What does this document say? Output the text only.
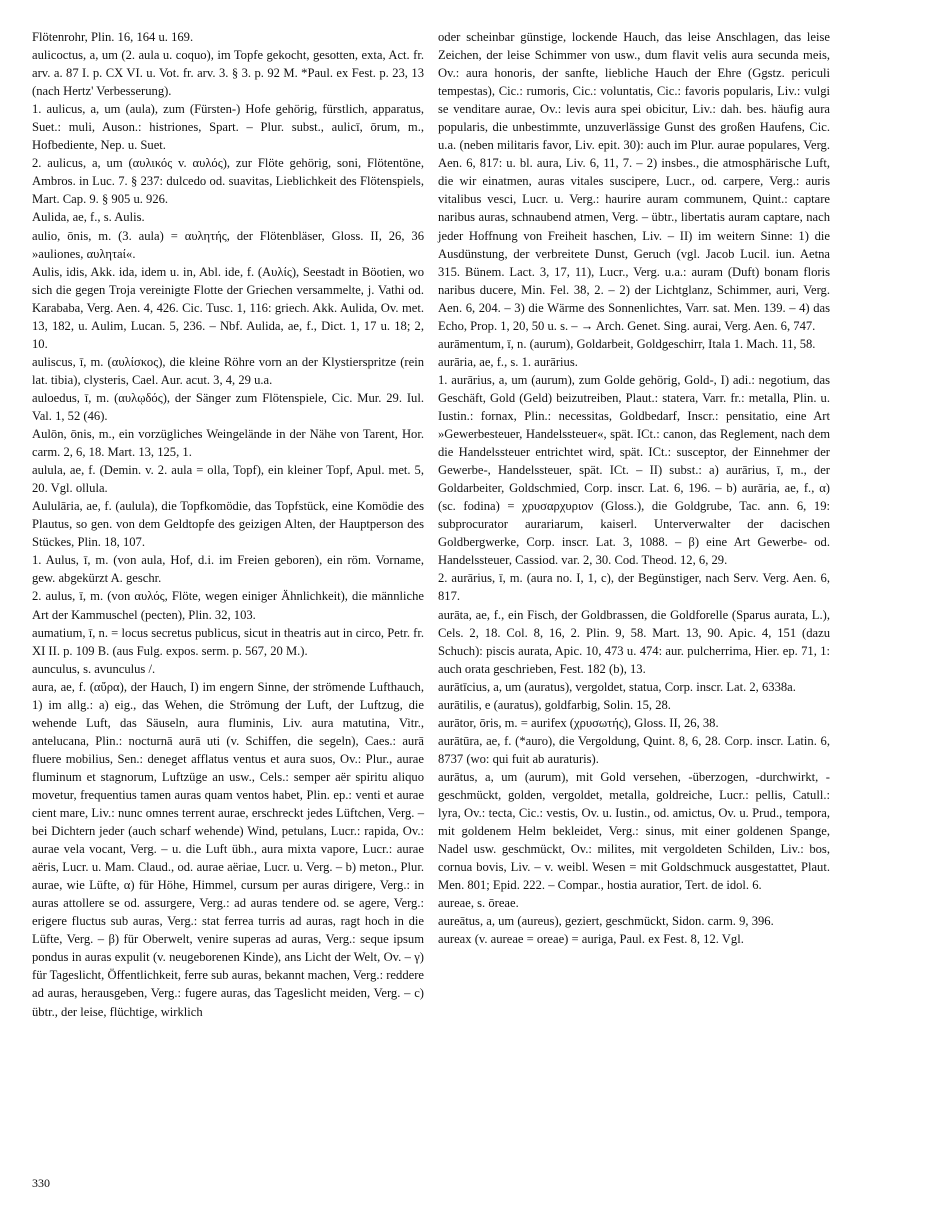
Flötenrohr, Plin. 16, 164 u. 169.

aulicoctus, a, um (2. aula u. coquo), im Topfe gekocht, gesotten, exta, Act. fr. arv. a. 87 I. p. CX VI. u. Vot. fr. arv. 3. § 3. p. 92 M. *Paul. ex Fest. p. 23, 13 (nach Hertz' Verbesserung).

1. aulicus, a, um (aula), zum (Fürsten-) Hofe gehörig, fürstlich, apparatus, Suet.: muli, Auson.: histriones, Spart. – Plur. subst., aulicī, ōrum, m., Hofbediente, Nep. u. Suet.

2. aulicus, a, um (αυλικός v. αυλός), zur Flöte gehörig, soni, Flötentöne, Ambros. in Luc. 7. § 237: dulcedo od. suavitas, Lieblichkeit des Flötenspiels, Mart. Cap. 9. § 905 u. 926.

Aulida, ae, f., s. Aulis.

aulio, ōnis, m. (3. aula) = αυλητής, der Flötenbläser, Gloss. II, 26, 36 »auliones, αυλητaί«.

Aulis, idis, Akk. ida, idem u. in, Abl. ide, f. (Αυλίς), Seestadt in Böotien, wo sich die gegen Troja vereinigte Flotte der Griechen versammelte, j. Vathi od. Karababa, Verg. Aen. 4, 426. Cic. Tusc. 1, 116: griech. Akk. Aulida, Ov. met. 13, 182, u. Aulim, Lucan. 5, 236. – Nbf. Aulida, ae, f., Dict. 1, 17 u. 18; 2, 10.

auliscus, ī, m. (αυλίσκος), die kleine Röhre vorn an der Klystierspritze (rein lat. tibia), clysteris, Cael. Aur. acut. 3, 4, 29 u.a.

auloedus, ī, m. (αυλῳδός), der Sänger zum Flötenspiele, Cic. Mur. 29. Iul. Val. 1, 52 (46).

Aulōn, ōnis, m., ein vorzügliches Weingelände in der Nähe von Tarent, Hor. carm. 2, 6, 18. Mart. 13, 125, 1.

aulula, ae, f. (Demin. v. 2. aula = olla, Topf), ein kleiner Topf, Apul. met. 5, 20. Vgl. ollula.

Aululāria, ae, f. (aulula), die Topfkomödie, das Topfstück, eine Komödie des Plautus, so gen. von dem Geldtopfe des geizigen Alten, der Hauptperson des Stückes, Plin. 18, 107.

1. Aulus, ī, m. (von aula, Hof, d.i. im Freien geboren), ein röm. Vorname, gew. abgekürzt A. geschr.

2. aulus, ī, m. (von αυλός, Flöte, wegen einiger Ähnlichkeit), die männliche Art der Kammuschel (pecten), Plin. 32, 103.

aumatium, ī, n. = locus secretus publicus, sicut in theatris aut in circo, Petr. fr. XI II. p. 109 B. (aus Fulg. expos. serm. p. 567, 20 M.).

aunculus, s. avunculus /.

aura, ae, f. (αὔρα), der Hauch, I) im engern Sinne, der strömende Lufthauch, 1) im allg.: a) eig., das Wehen, die Strömung der Luft, der Luftzug, die wehende Luft, das Säuseln, aura fluminis, Liv. aura matutina, Vitr., antelucana, Plin.: nocturnā aurā uti (v. Schiffen, die segeln), Caes.: aurā fluere mobilius, Sen.: deneget afflatus ventus et aura suos, Ov.: Plur., aurae fluminum et stagnorum, Luftzüge an usw., Cels.: semper aër spiritu aliquo movetur, frequentius tamen auras quam ventos habet, Plin. ep.: venti et aurae cient mare, Liv.: nunc omnes terrent aurae, erschreckt jedes Lüftchen, Verg. – bei Dichtern jeder (auch scharf wehende) Wind, petulans, Lucr.: rapida, Ov.: aurae vela vocant, Verg. – u. die Luft übh., aura mixta vapore, Lucr.: aurae aëris, Lucr. u. Mam. Claud., od. aurae aëriae, Lucr. u. Verg. – b) meton., Plur. aurae, wie Lüfte, α) für Höhe, Himmel, cursum per auras dirigere, Verg.: in auras attollere se od. assurgere, Verg.: ad auras tendere od. se agere, Verg.: erigere fluctus sub auras, Verg.: stat ferrea turris ad auras, ragt hoch in die Lüfte, Verg. – β) für Oberwelt, venire superas ad auras, Verg.: seque ipsum pondus in auras expulit (v. neugeborenen Kinde), ans Licht der Welt, Ov. – γ) für Tageslicht, Öffentlichkeit, ferre sub auras, bekannt machen, Verg.: reddere ad auras, herausgeben, Verg.: fugere auras, das Tageslicht meiden, Verg. – c) übtr., der leise, flüchtige, wirklich

oder scheinbar günstige, lockende Hauch, das leise Anschlagen, das leise Zeichen, der leise Schimmer von usw., dum flavit velis aura secunda meis, Ov.: aura honoris, der sanfte, liebliche Hauch der Ehre (Ggstz. periculi tempestas), Cic.: rumoris, Cic.: voluntatis, Cic.: favoris popularis, Liv.: vulgi se venditare aurae, Ov.: levis aura spei obicitur, Liv.: dah. bes. häufig aura popularis, die unbestimmte, unzuverlässige Gunst des großen Haufens, Cic. u.a. (neben militaris favor, Liv. epit. 30): auch im Plur. aurae populares, Verg. Aen. 6, 817: u. bl. aura, Liv. 6, 11, 7. – 2) insbes., die atmosphärische Luft, die wir einatmen, auras vitales suscipere, Lucr., od. carpere, Verg.: auris vitalibus vesci, Lucr. u. Verg.: haurire auram communem, Quint.: captare naribus auras, schnaubend atmen, Verg. – übtr., libertatis auram captare, nach jeder Hoffnung von Freiheit haschen, Liv. – II) im weitern Sinne: 1) die Ausdünstung, der verbreitete Dunst, Geruch (vgl. Jacob Lucil. iun. Aetna 315. Bünem. Lact. 3, 17, 11), Lucr., Verg. u.a.: auram (Duft) bonam floris naribus ducere, Min. Fel. 38, 2. – 2) der Lichtglanz, Schimmer, auri, Verg. Aen. 6, 204. – 3) die Wärme des Sonnenlichtes, Varr. sat. Men. 139. – 4) das Echo, Prop. 1, 20, 50 u. s. – → Arch. Genet. Sing. aurai, Verg. Aen. 6, 747.

aurāmentum, ī, n. (aurum), Goldarbeit, Goldgeschirr, Itala 1. Mach. 11, 58.

aurāria, ae, f., s. 1. aurārius.

1. aurārius, a, um (aurum), zum Golde gehörig, Gold-, I) adi.: negotium, das Geschäft, Gold (Geld) beizutreiben, Plaut.: statera, Varr. fr.: metalla, Plin. u. Iustin.: fornax, Plin.: necessitas, Goldbedarf, Inscr.: pensitatio, eine Art »Gewerbesteuer, Handelssteuer«, spät. ICt.: canon, das Reglement, nach dem die Handelssteuer entrichtet wird, spät. ICt.: susceptor, der Einnehmer der Gewerbe-, Handelssteuer, spät. ICt. – II) subst.: a) aurārius, ī, m., der Goldarbeiter, Goldschmied, Corp. inscr. Lat. 6, 196. – b) aurāria, ae, f., α) (sc. fodina) = χρυσαρχυριον (Gloss.), die Goldgrube, Tac. ann. 6, 19: subprocurator aurariarum, kaiserl. Unterverwalter der dacischen Goldbergwerke, Corp. inscr. Lat. 3, 1088. – β) eine Art Gewerbe- od. Handelssteuer, Cassiod. var. 2, 30. Cod. Theod. 12, 6, 29.

2. aurārius, ī, m. (aura no. I, 1, c), der Begünstiger, nach Serv. Verg. Aen. 6, 817.

aurāta, ae, f., ein Fisch, der Goldbrassen, die Goldforelle (Sparus aurata, L.), Cels. 2, 18. Col. 8, 16, 2. Plin. 9, 58. Mart. 13, 90. Apic. 4, 151 (dazu Schuch): piscis aurata, Apic. 10, 473 u. 474: aur. pulcherrima, Hier. ep. 71, 1: auch orata geschrieben, Fest. 182 (b), 13.

aurātīcius, a, um (auratus), vergoldet, statua, Corp. inscr. Lat. 2, 6338a.

aurātilis, e (auratus), goldfarbig, Solin. 15, 28.

aurātor, ōris, m. = aurifex (χρυσωτής), Gloss. II, 26, 38.

aurātūra, ae, f. (*auro), die Vergoldung, Quint. 8, 6, 28. Corp. inscr. Latin. 6, 8737 (wo: qui fuit ab auraturis).

aurātus, a, um (aurum), mit Gold versehen, -überzogen, -durchwirkt, -geschmückt, golden, vergoldet, metalla, goldreiche, Lucr.: pellis, Catull.: lyra, Ov.: tecta, Cic.: vestis, Ov. u. Iustin., od. amictus, Ov. u. Prud., tempora, mit goldenem Helm bekleidet, Verg.: sinus, mit einer goldenen Spange, Nadel usw. geschmückt, Ov.: milites, mit vergoldeten Schilden, Liv.: bos, cornua bovis, Liv. – v. weibl. Wesen = mit Goldschmuck ausgestattet, Plaut. Men. 801; Epid. 222. – Compar., hostia auratior, Tert. de idol. 6.

aureae, s. ōreae.

aureātus, a, um (aureus), geziert, geschmückt, Sidon. carm. 9, 396.

aureax (v. aureae = oreae) = auriga, Paul. ex Fest. 8, 12. Vgl.

330
